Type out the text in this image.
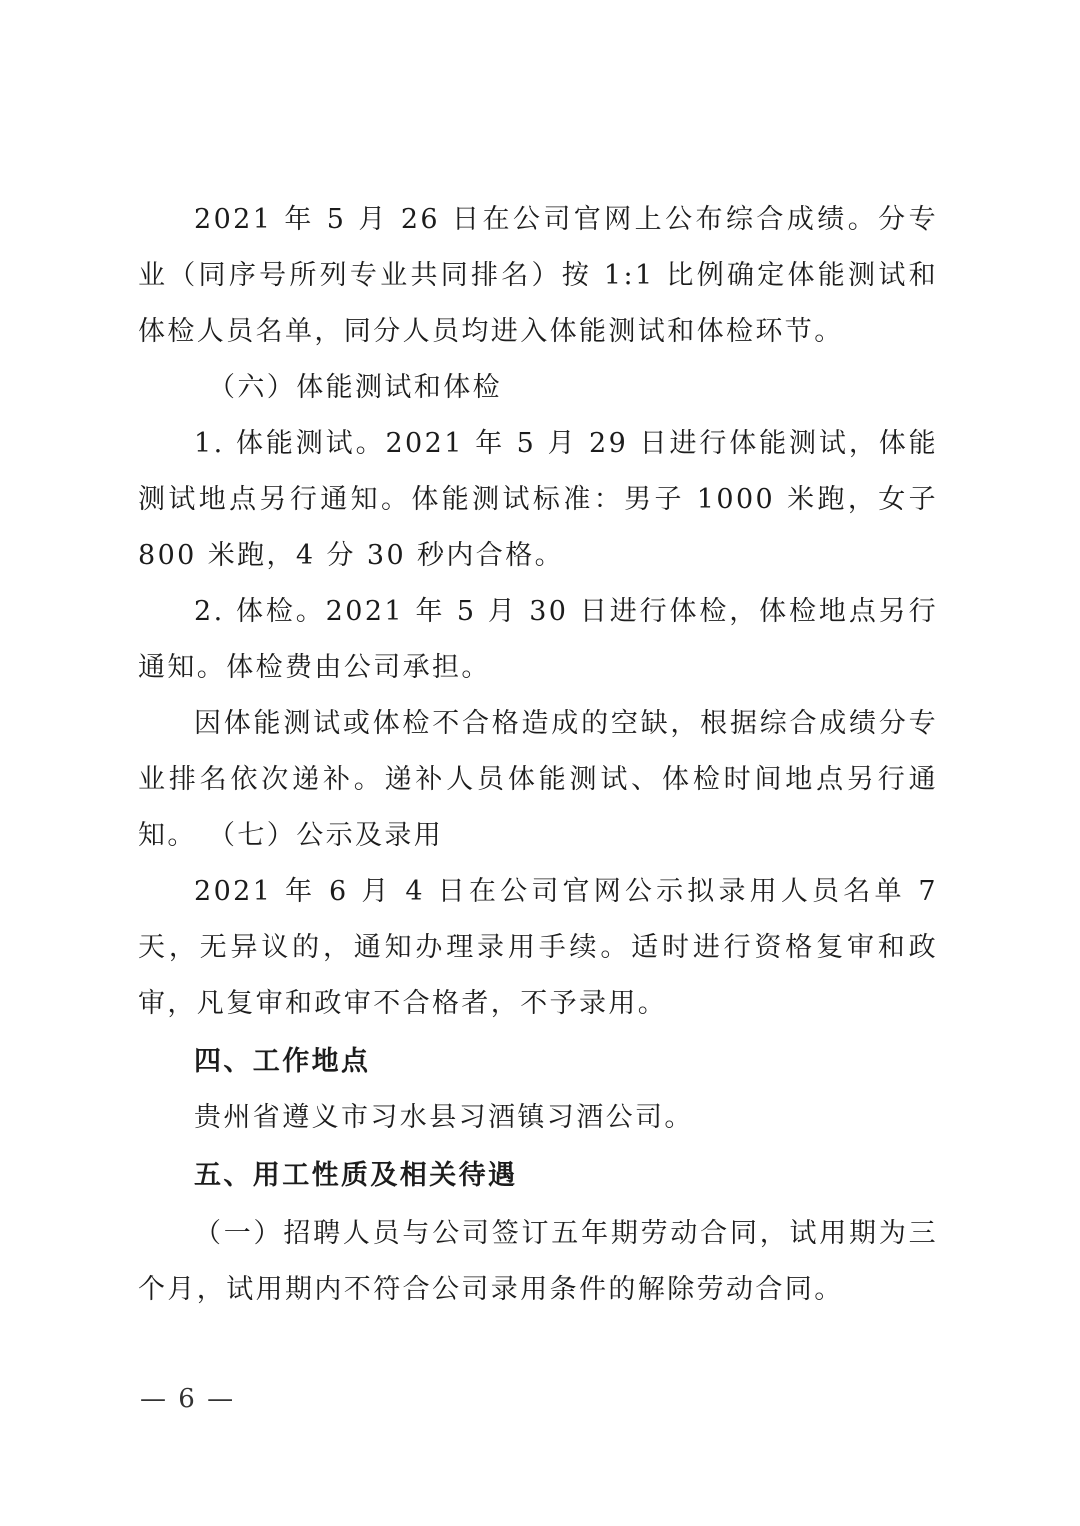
2021 年 5 月 26 日在公司官网上公布综合成绩。分专业（同序号所列专业共同排名）按 1:1 比例确定体能测试和体检人员名单，同分人员均进入体能测试和体检环节。

（六）体能测试和体检

1. 体能测试。2021 年 5 月 29 日进行体能测试，体能测试地点另行通知。体能测试标准：男子 1000 米跑，女子 800 米跑，4 分 30 秒内合格。

2. 体检。2021 年 5 月 30 日进行体检，体检地点另行通知。体检费由公司承担。

因体能测试或体检不合格造成的空缺，根据综合成绩分专业排名依次递补。递补人员体能测试、体检时间地点另行通知。 （七）公示及录用

2021 年 6 月 4 日在公司官网公示拟录用人员名单 7 天，无异议的，通知办理录用手续。适时进行资格复审和政审，凡复审和政审不合格者，不予录用。

四、工作地点

贵州省遵义市习水县习酒镇习酒公司。

五、用工性质及相关待遇

（一）招聘人员与公司签订五年期劳动合同，试用期为三个月，试用期内不符合公司录用条件的解除劳动合同。

— 6 —
